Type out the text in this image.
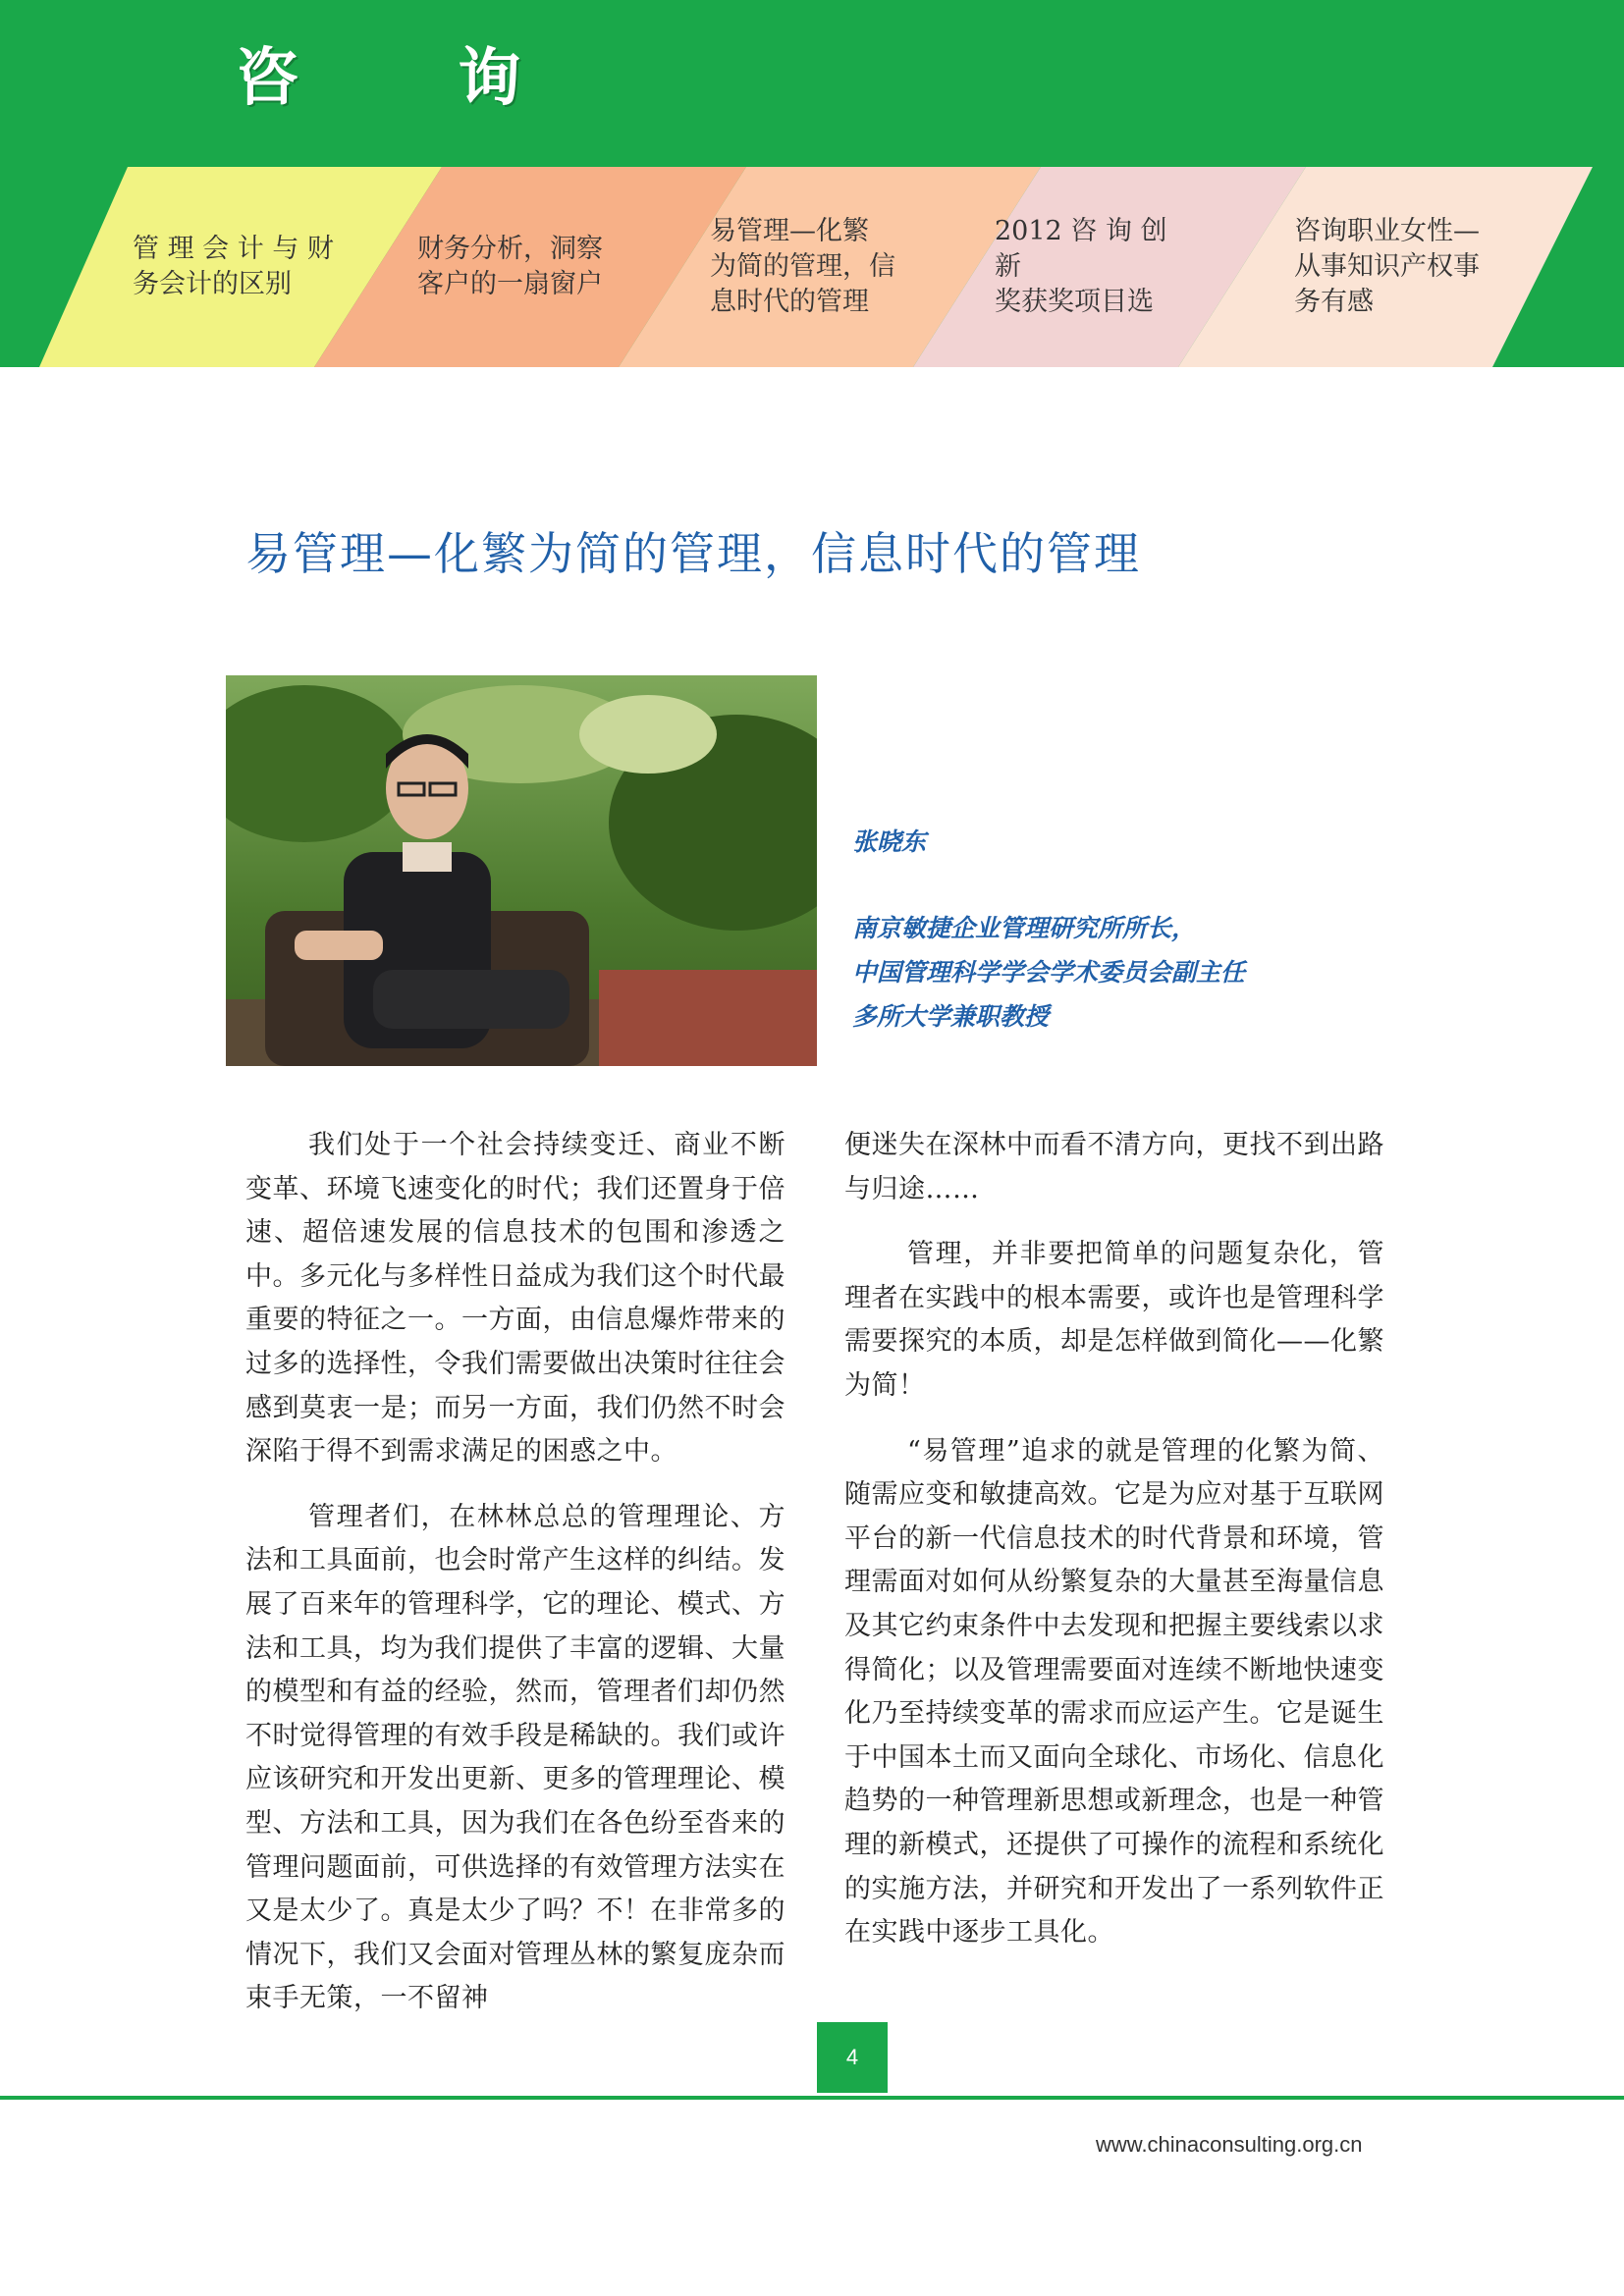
咨 询
管 理 会 计 与 财
务会计的区别
财务分析，洞察
客户的一扇窗户
易管理—化繁
为简的管理，信
息时代的管理
2012 咨 询 创 新
奖获奖项目选
咨询职业女性—
从事知识产权事
务有感
易管理—化繁为简的管理，信息时代的管理
张晓东
南京敏捷企业管理研究所所长，
中国管理科学学会学术委员会副主任
多所大学兼职教授

我们处于一个社会持续变迁、商业不断变革、环境飞速变化的时代；我们还置身于倍速、超倍速发展的信息技术的包围和渗透之中。多元化与多样性日益成为我们这个时代最重要的特征之一。一方面，由信息爆炸带来的过多的选择性，令我们需要做出决策时往往会感到莫衷一是；而另一方面，我们仍然不时会深陷于得不到需求满足的困惑之中。

管理者们，在林林总总的管理理论、方法和工具面前，也会时常产生这样的纠结。发展了百来年的管理科学，它的理论、模式、方法和工具，均为我们提供了丰富的逻辑、大量的模型和有益的经验，然而，管理者们却仍然不时觉得管理的有效手段是稀缺的。我们或许应该研究和开发出更新、更多的管理理论、模型、方法和工具，因为我们在各色纷至沓来的管理问题面前，可供选择的有效管理方法实在又是太少了。真是太少了吗？不！在非常多的情况下，我们又会面对管理丛林的繁复庞杂而束手无策，一不留神

便迷失在深林中而看不清方向，更找不到出路与归途……

管理，并非要把简单的问题复杂化，管理者在实践中的根本需要，或许也是管理科学需要探究的本质，却是怎样做到简化——化繁为简！

“易管理”追求的就是管理的化繁为简、随需应变和敏捷高效。它是为应对基于互联网平台的新一代信息技术的时代背景和环境，管理需面对如何从纷繁复杂的大量甚至海量信息及其它约束条件中去发现和把握主要线索以求得简化；以及管理需要面对连续不断地快速变化乃至持续变革的需求而应运产生。它是诞生于中国本土而又面向全球化、市场化、信息化趋势的一种管理新思想或新理念，也是一种管理的新模式，还提供了可操作的流程和系统化的实施方法，并研究和开发出了一系列软件正在实践中逐步工具化。

4
www.chinaconsulting.org.cn
